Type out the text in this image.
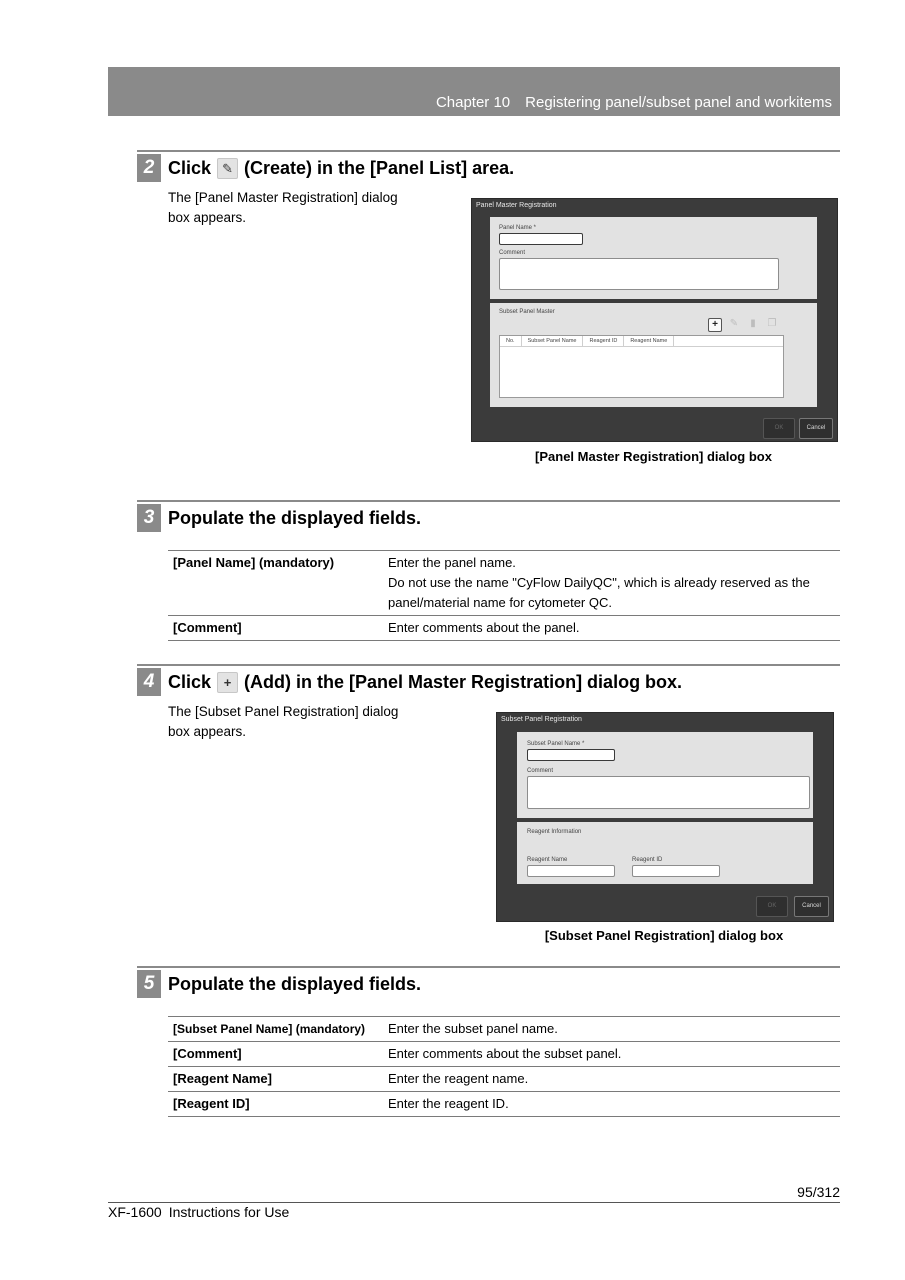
Chapter 10 Registering panel/subset panel and workitems
2 Click ✎ (Create) in the [Panel List] area.
The [Panel Master Registration] dialog box appears.
Panel Master Registration
Panel Name *
Comment
Subset Panel Master
+	✎	▮	❐
No.	Subset Panel Name	Reagent ID	Reagent Name
OK	Cancel
[Panel Master Registration] dialog box
3 Populate the displayed fields.
[Panel Name] (mandatory)	Enter the panel name.
Do not use the name "CyFlow DailyQC", which is already reserved as the panel/material name for cytometer QC.

[Comment]	Enter comments about the panel.
4 Click + (Add) in the [Panel Master Registration] dialog box.
The [Subset Panel Registration] dialog box appears.
Subset Panel Registration
Subset Panel Name *
Comment
Reagent Information
Reagent Name	Reagent ID
OK	Cancel
[Subset Panel Registration] dialog box
5 Populate the displayed fields.
[Subset Panel Name] (mandatory)	Enter the subset panel name.
[Comment]	Enter comments about the subset panel.
[Reagent Name]	Enter the reagent name.
[Reagent ID]	Enter the reagent ID.
95/312
XF-1600 Instructions for Use
